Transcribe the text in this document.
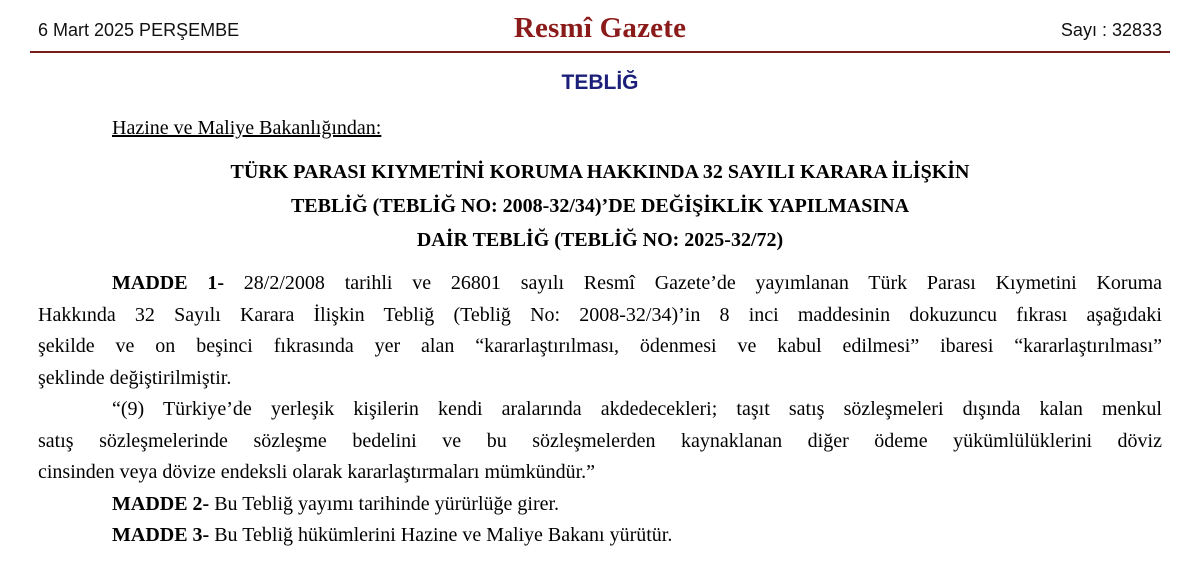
6 Mart 2025 PERŞEMBE	Resmî Gazete	Sayı : 32833
TEBLİĞ
Hazine ve Maliye Bakanlığından:
TÜRK PARASI KIYMETİNİ KORUMA HAKKINDA 32 SAYILI KARARA İLİŞKİN
TEBLİĞ (TEBLİĞ NO: 2008-32/34)’DE DEĞİŞİKLİK YAPILMASINA
DAİR TEBLİĞ (TEBLİĞ NO: 2025-32/72)
MADDE 1- 28/2/2008 tarihli ve 26801 sayılı Resmî Gazete’de yayımlanan Türk Parası Kıymetini Koruma
Hakkında 32 Sayılı Karara İlişkin Tebliğ (Tebliğ No: 2008-32/34)’in 8 inci maddesinin dokuzuncu fıkrası aşağıdaki
şekilde ve on beşinci fıkrasında yer alan “kararlaştırılması, ödenmesi ve kabul edilmesi” ibaresi “kararlaştırılması”
şeklinde değiştirilmiştir.
“(9) Türkiye’de yerleşik kişilerin kendi aralarında akdedecekleri; taşıt satış sözleşmeleri dışında kalan menkul
satış sözleşmelerinde sözleşme bedelini ve bu sözleşmelerden kaynaklanan diğer ödeme yükümlülüklerini döviz
cinsinden veya dövize endeksli olarak kararlaştırmaları mümkündür.”
MADDE 2- Bu Tebliğ yayımı tarihinde yürürlüğe girer.
MADDE 3- Bu Tebliğ hükümlerini Hazine ve Maliye Bakanı yürütür.
